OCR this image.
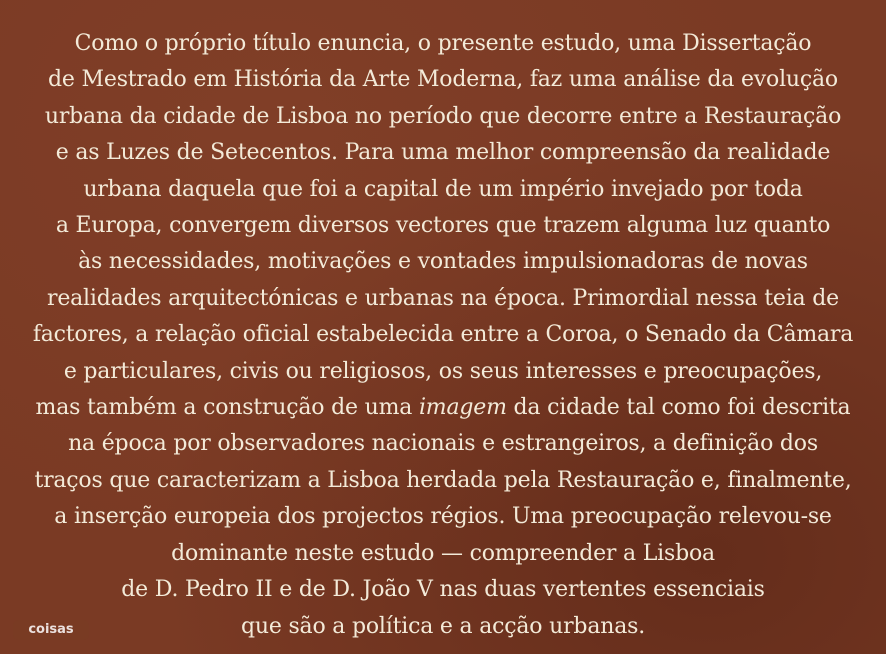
Como o próprio título enuncia, o presente estudo, uma Dissertação
de Mestrado em História da Arte Moderna, faz uma análise da evolução
urbana da cidade de Lisboa no período que decorre entre a Restauração
e as Luzes de Setecentos. Para uma melhor compreensão da realidade
urbana daquela que foi a capital de um império invejado por toda
a Europa, convergem diversos vectores que trazem alguma luz quanto
às necessidades, motivações e vontades impulsionadoras de novas
realidades arquitectónicas e urbanas na época. Primordial nessa teia de
factores, a relação oficial estabelecida entre a Coroa, o Senado da Câmara
e particulares, civis ou religiosos, os seus interesses e preocupações,
mas também a construção de uma imagem da cidade tal como foi descrita
na época por observadores nacionais e estrangeiros, a definição dos
traços que caracterizam a Lisboa herdada pela Restauração e, finalmente,
a inserção europeia dos projectos régios. Uma preocupação relevou-se
dominante neste estudo — compreender a Lisboa
de D. Pedro II e de D. João V nas duas vertentes essenciais
que são a política e a acção urbanas.

coisas
